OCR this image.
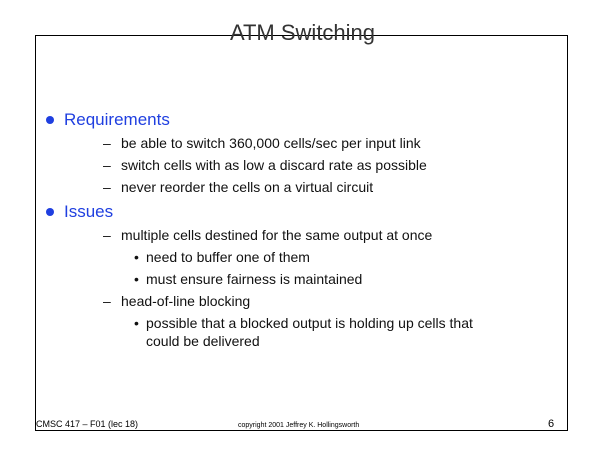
ATM Switching
Requirements
– be able to switch 360,000 cells/sec per input link
– switch cells with as low a discard rate as possible
– never reorder the cells on a virtual circuit
Issues
– multiple cells destined for the same output at once
• need to buffer one of them
• must ensure fairness is maintained
– head-of-line blocking
• possible that a blocked output is holding up cells that
could be delivered
CMSC 417 – F01 (lec 18)	copyright 2001 Jeffrey K. Hollingsworth	6
